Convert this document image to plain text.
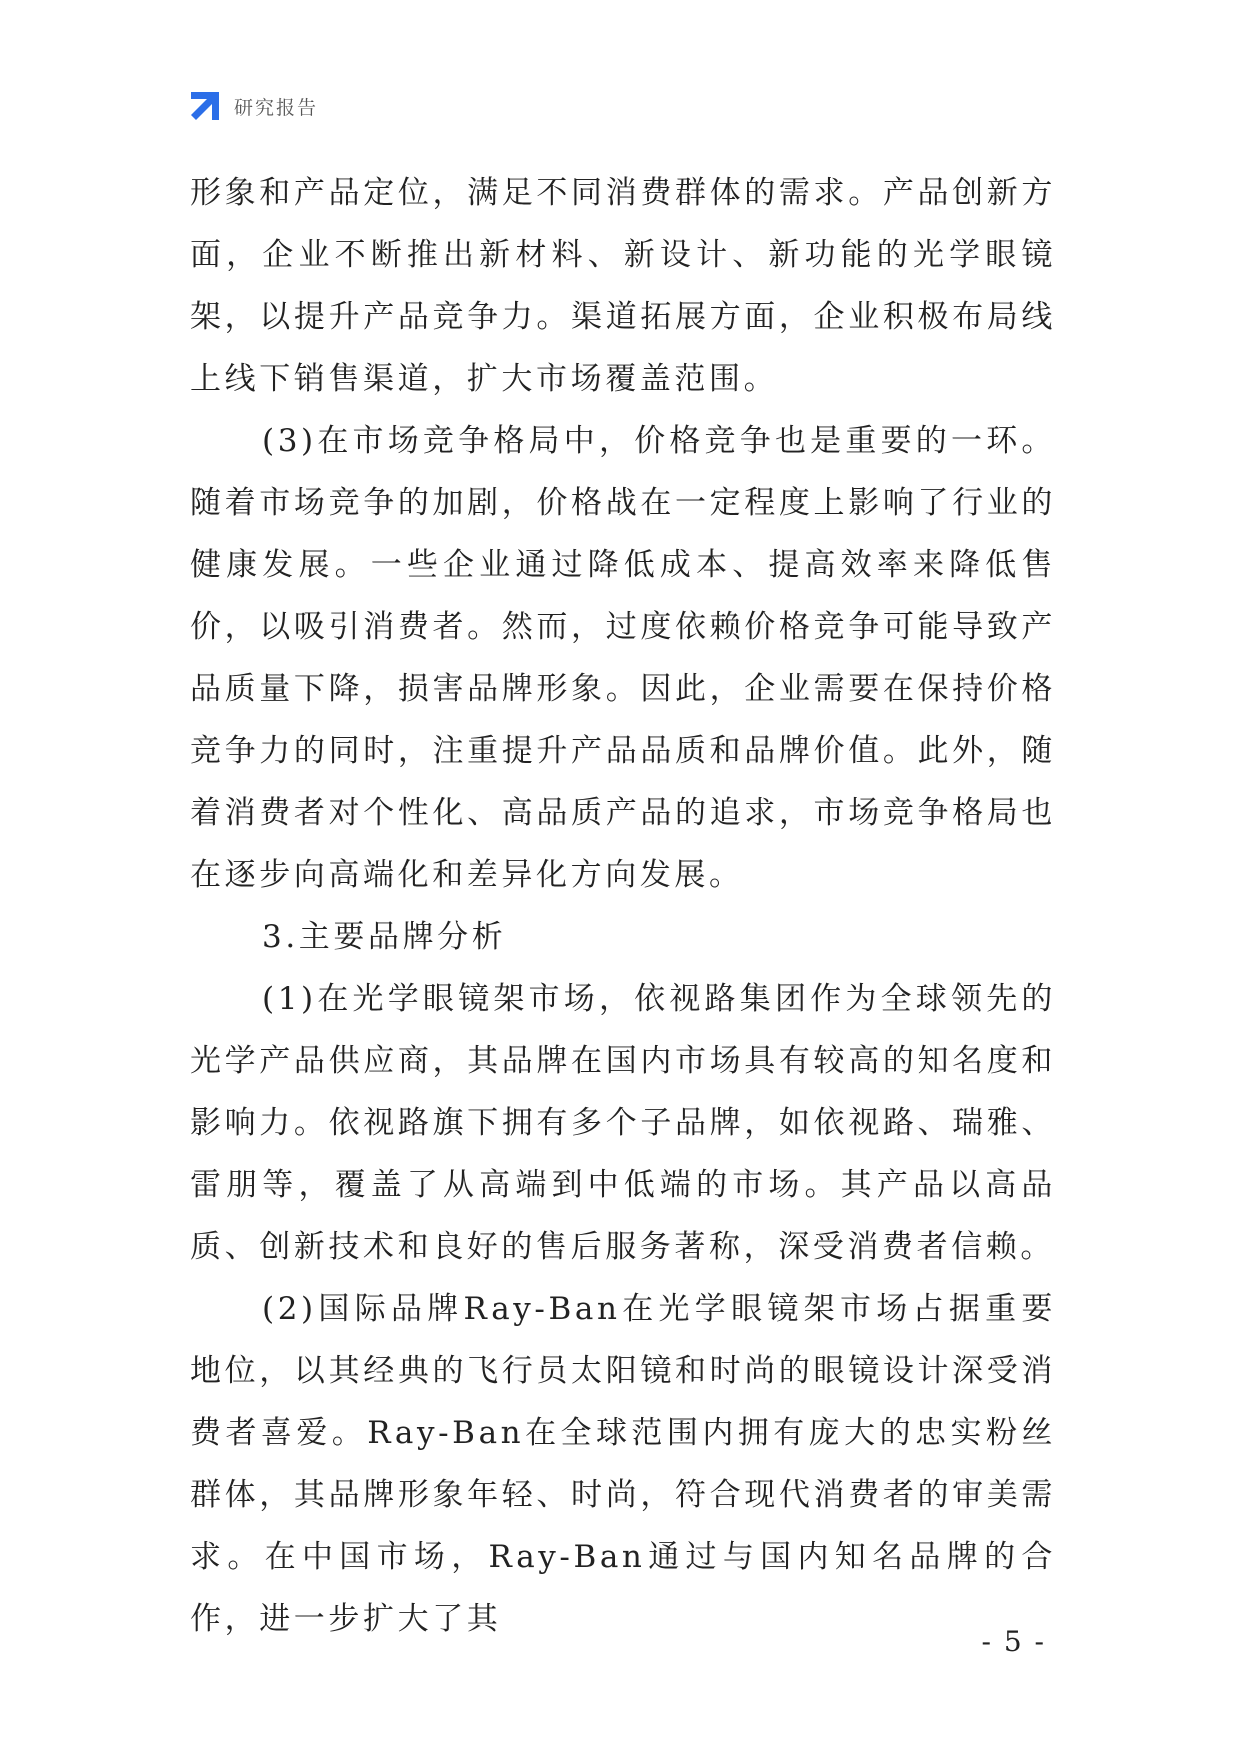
研究报告

形象和产品定位，满足不同消费群体的需求。产品创新方面，企业不断推出新材料、新设计、新功能的光学眼镜架，以提升产品竞争力。渠道拓展方面，企业积极布局线上线下销售渠道，扩大市场覆盖范围。

(3)在市场竞争格局中，价格竞争也是重要的一环。随着市场竞争的加剧，价格战在一定程度上影响了行业的健康发展。一些企业通过降低成本、提高效率来降低售价，以吸引消费者。然而，过度依赖价格竞争可能导致产品质量下降，损害品牌形象。因此，企业需要在保持价格竞争力的同时，注重提升产品品质和品牌价值。此外，随着消费者对个性化、高品质产品的追求，市场竞争格局也在逐步向高端化和差异化方向发展。

3.主要品牌分析

(1)在光学眼镜架市场，依视路集团作为全球领先的光学产品供应商，其品牌在国内市场具有较高的知名度和影响力。依视路旗下拥有多个子品牌，如依视路、瑞雅、雷朋等，覆盖了从高端到中低端的市场。其产品以高品质、创新技术和良好的售后服务著称，深受消费者信赖。

(2)国际品牌Ray-Ban在光学眼镜架市场占据重要地位，以其经典的飞行员太阳镜和时尚的眼镜设计深受消费者喜爱。Ray-Ban在全球范围内拥有庞大的忠实粉丝群体，其品牌形象年轻、时尚，符合现代消费者的审美需求。在中国市场，Ray-Ban通过与国内知名品牌的合作，进一步扩大了其

- 5 -
